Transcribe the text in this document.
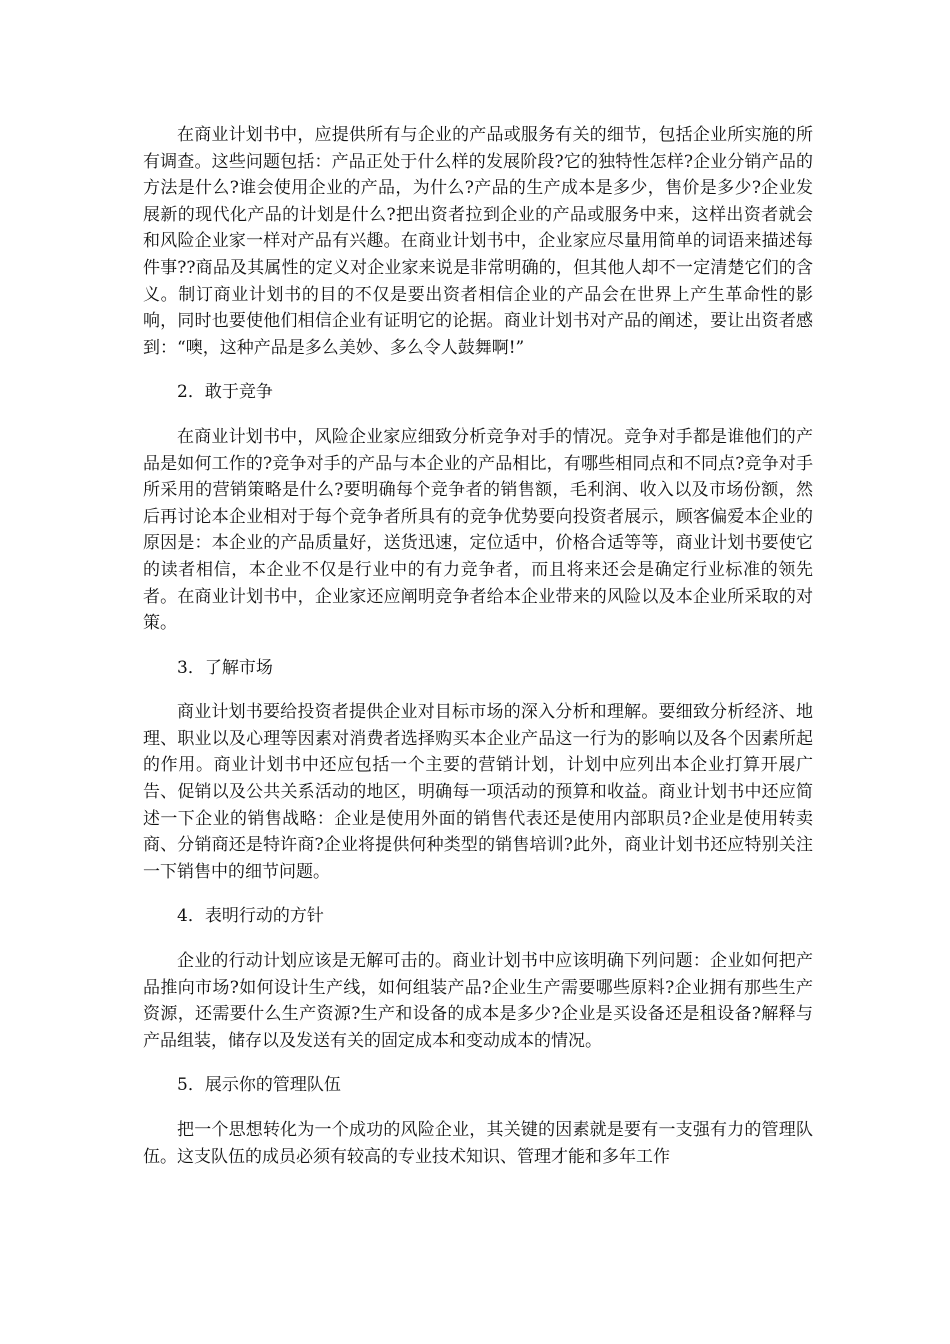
在商业计划书中，应提供所有与企业的产品或服务有关的细节，包括企业所实施的所有调查。这些问题包括：产品正处于什么样的发展阶段?它的独特性怎样?企业分销产品的方法是什么?谁会使用企业的产品，为什么?产品的生产成本是多少，售价是多少?企业发展新的现代化产品的计划是什么?把出资者拉到企业的产品或服务中来，这样出资者就会和风险企业家一样对产品有兴趣。在商业计划书中，企业家应尽量用简单的词语来描述每件事??商品及其属性的定义对企业家来说是非常明确的，但其他人却不一定清楚它们的含义。制订商业计划书的目的不仅是要出资者相信企业的产品会在世界上产生革命性的影响，同时也要使他们相信企业有证明它的论据。商业计划书对产品的阐述，要让出资者感到：“噢，这种产品是多么美妙、多么令人鼓舞啊!”

2．敢于竞争

在商业计划书中，风险企业家应细致分析竞争对手的情况。竞争对手都是谁他们的产品是如何工作的?竞争对手的产品与本企业的产品相比，有哪些相同点和不同点?竞争对手所采用的营销策略是什么?要明确每个竞争者的销售额，毛利润、收入以及市场份额，然后再讨论本企业相对于每个竞争者所具有的竞争优势要向投资者展示，顾客偏爱本企业的原因是：本企业的产品质量好，送货迅速，定位适中，价格合适等等，商业计划书要使它的读者相信，本企业不仅是行业中的有力竞争者，而且将来还会是确定行业标准的领先者。在商业计划书中，企业家还应阐明竞争者给本企业带来的风险以及本企业所采取的对策。

3．了解市场

商业计划书要给投资者提供企业对目标市场的深入分析和理解。要细致分析经济、地理、职业以及心理等因素对消费者选择购买本企业产品这一行为的影响以及各个因素所起的作用。商业计划书中还应包括一个主要的营销计划，计划中应列出本企业打算开展广告、促销以及公共关系活动的地区，明确每一项活动的预算和收益。商业计划书中还应简述一下企业的销售战略：企业是使用外面的销售代表还是使用内部职员?企业是使用转卖商、分销商还是特许商?企业将提供何种类型的销售培训?此外，商业计划书还应特别关注一下销售中的细节问题。

4．表明行动的方针

企业的行动计划应该是无解可击的。商业计划书中应该明确下列问题：企业如何把产品推向市场?如何设计生产线，如何组装产品?企业生产需要哪些原料?企业拥有那些生产资源，还需要什么生产资源?生产和设备的成本是多少?企业是买设备还是租设备?解释与产品组装，储存以及发送有关的固定成本和变动成本的情况。

5．展示你的管理队伍

把一个思想转化为一个成功的风险企业，其关键的因素就是要有一支强有力的管理队伍。这支队伍的成员必须有较高的专业技术知识、管理才能和多年工作
